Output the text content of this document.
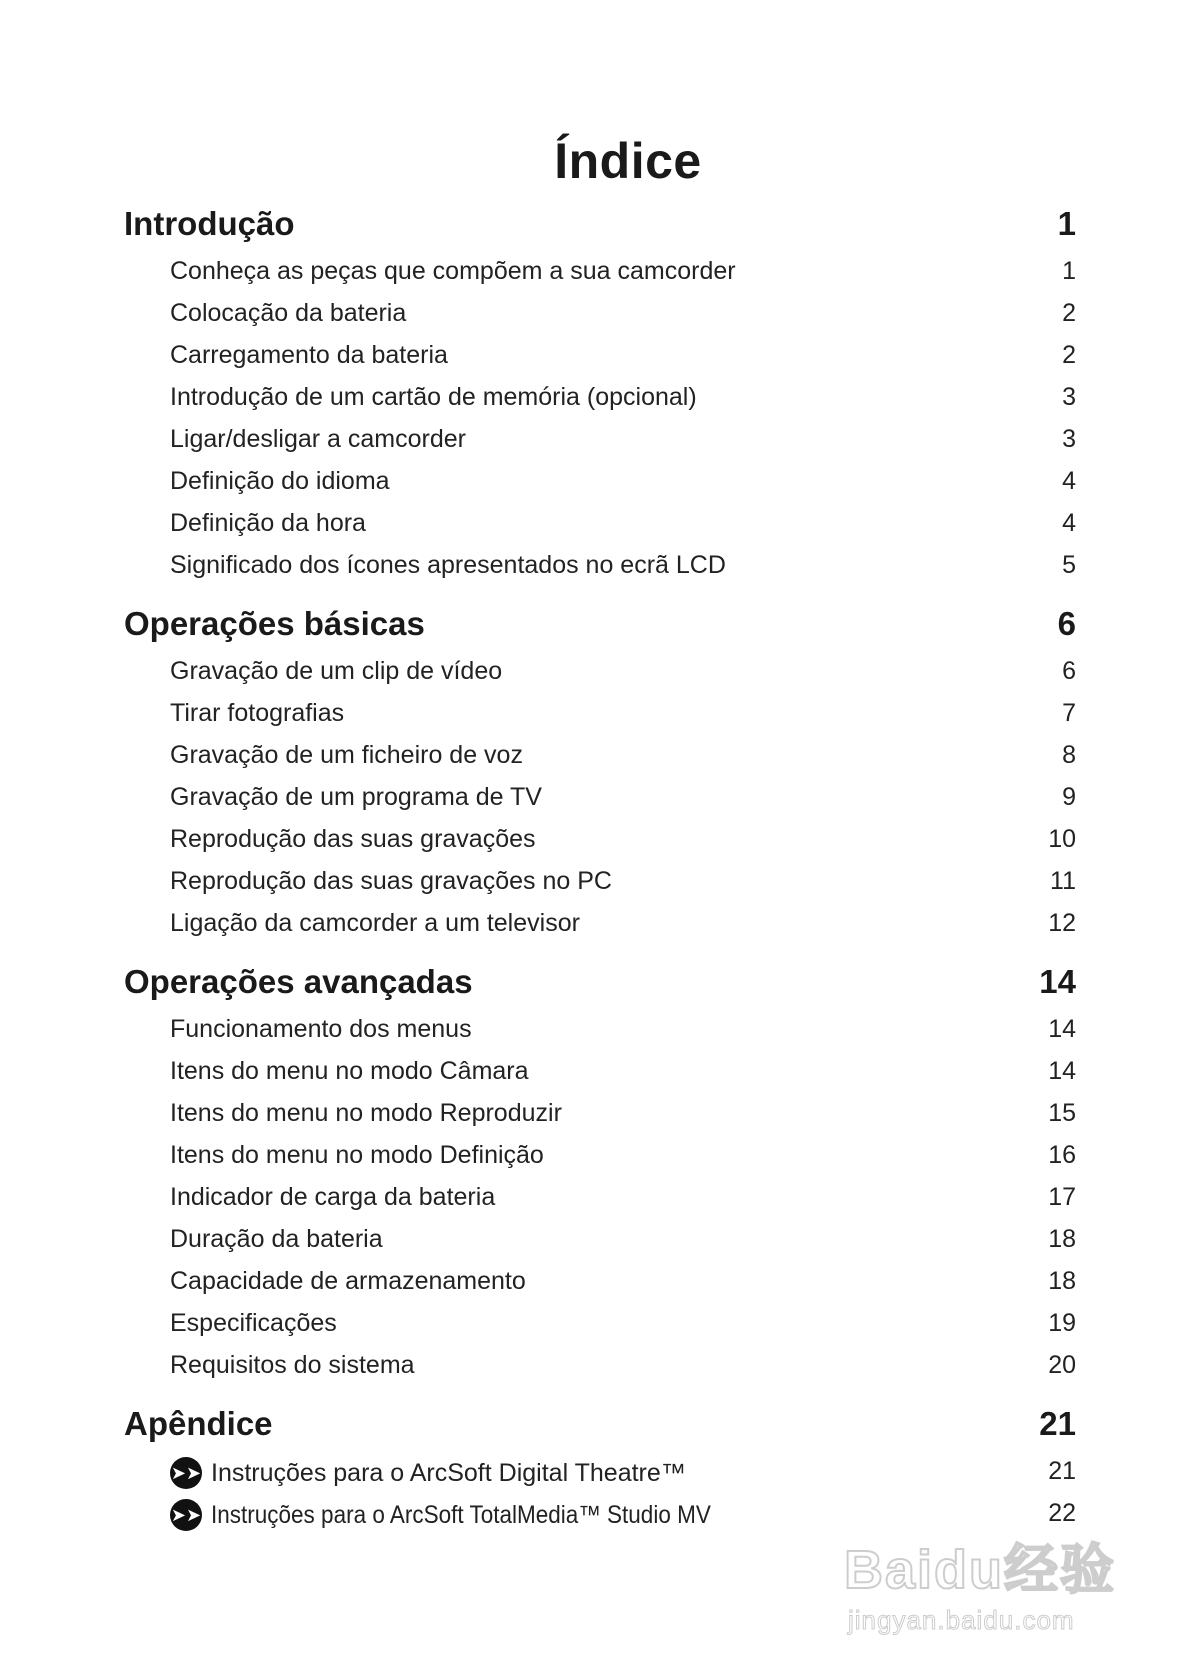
Índice
Introdução	1
Conheça as peças que compõem a sua camcorder	1
Colocação da bateria	2
Carregamento da bateria	2
Introdução de um cartão de memória (opcional)	3
Ligar/desligar a camcorder	3
Definição do idioma	4
Definição da hora	4
Significado dos ícones apresentados no ecrã LCD	5
Operações básicas	6
Gravação de um clip de vídeo	6
Tirar fotografias	7
Gravação de um ficheiro de voz	8
Gravação de um programa de TV	9
Reprodução das suas gravações	10
Reprodução das suas gravações no PC	11
Ligação da camcorder a um televisor	12
Operações avançadas	14
Funcionamento dos menus	14
Itens do menu no modo Câmara	14
Itens do menu no modo Reproduzir	15
Itens do menu no modo Definição	16
Indicador de carga da bateria	17
Duração da bateria	18
Capacidade de armazenamento	18
Especificações	19
Requisitos do sistema	20
Apêndice	21
➤➤ Instruções para o ArcSoft Digital Theatre™	21
➤➤ Instruções para o ArcSoft TotalMedia™ Studio MV	22
Baidu经验
jingyan.baidu.com
